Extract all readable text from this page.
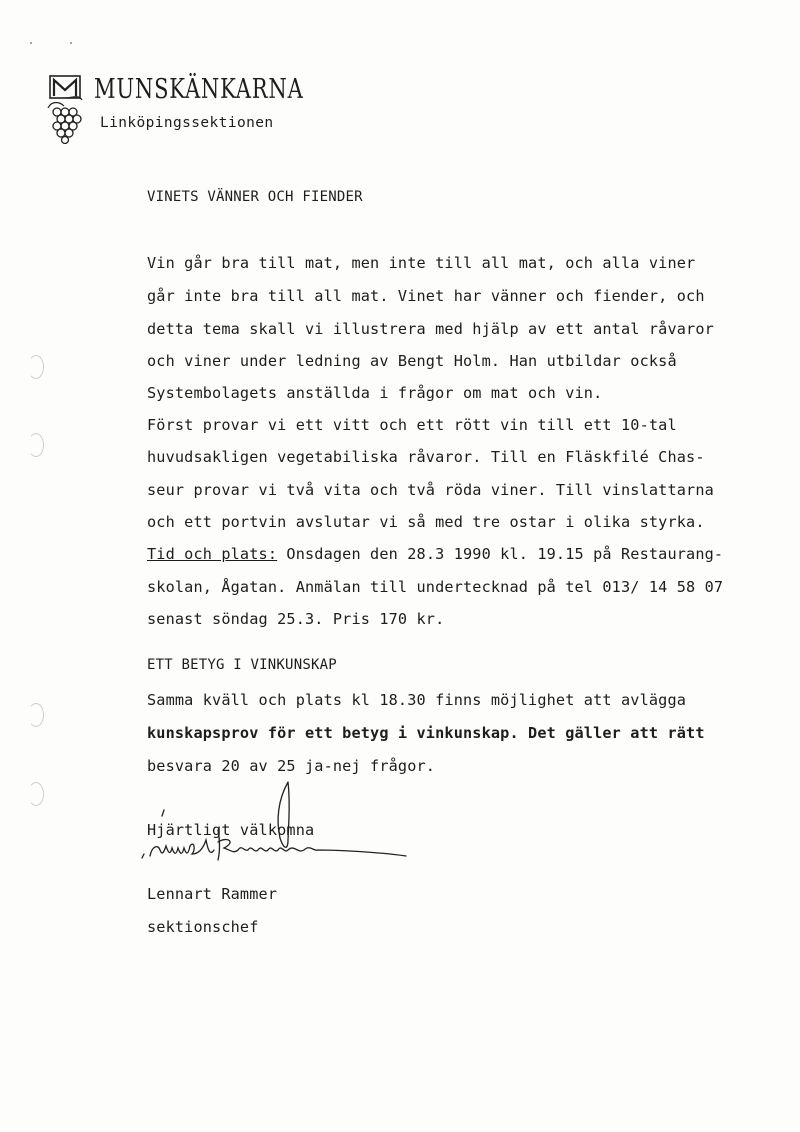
MUNSKÄNKARNA
Linköpingssektionen
VINETS VÄNNER OCH FIENDER
Vin går bra till mat, men inte till all mat, och alla viner
går inte bra till all mat. Vinet har vänner och fiender, och
detta tema skall vi illustrera med hjälp av ett antal råvaror
och viner under ledning av Bengt Holm. Han utbildar också
Systembolagets anställda i frågor om mat och vin.
Först provar vi ett vitt och ett rött vin till ett 10-tal
huvudsakligen vegetabiliska råvaror. Till en Fläskfilé Chas-
seur provar vi två vita och två röda viner. Till vinslattarna
och ett portvin avslutar vi så med tre ostar i olika styrka.
Tid och plats: Onsdagen den 28.3 1990 kl. 19.15 på Restaurang-
skolan, Ågatan. Anmälan till undertecknad på tel 013/ 14 58 07
senast söndag 25.3. Pris 170 kr.
ETT BETYG I VINKUNSKAP
Samma kväll och plats kl 18.30 finns möjlighet att avlägga
kunskapsprov för ett betyg i vinkunskap. Det gäller att rätt
besvara 20 av 25 ja-nej frågor.
Hjärtligt välkomna
Lennart Rammer
sektionschef
